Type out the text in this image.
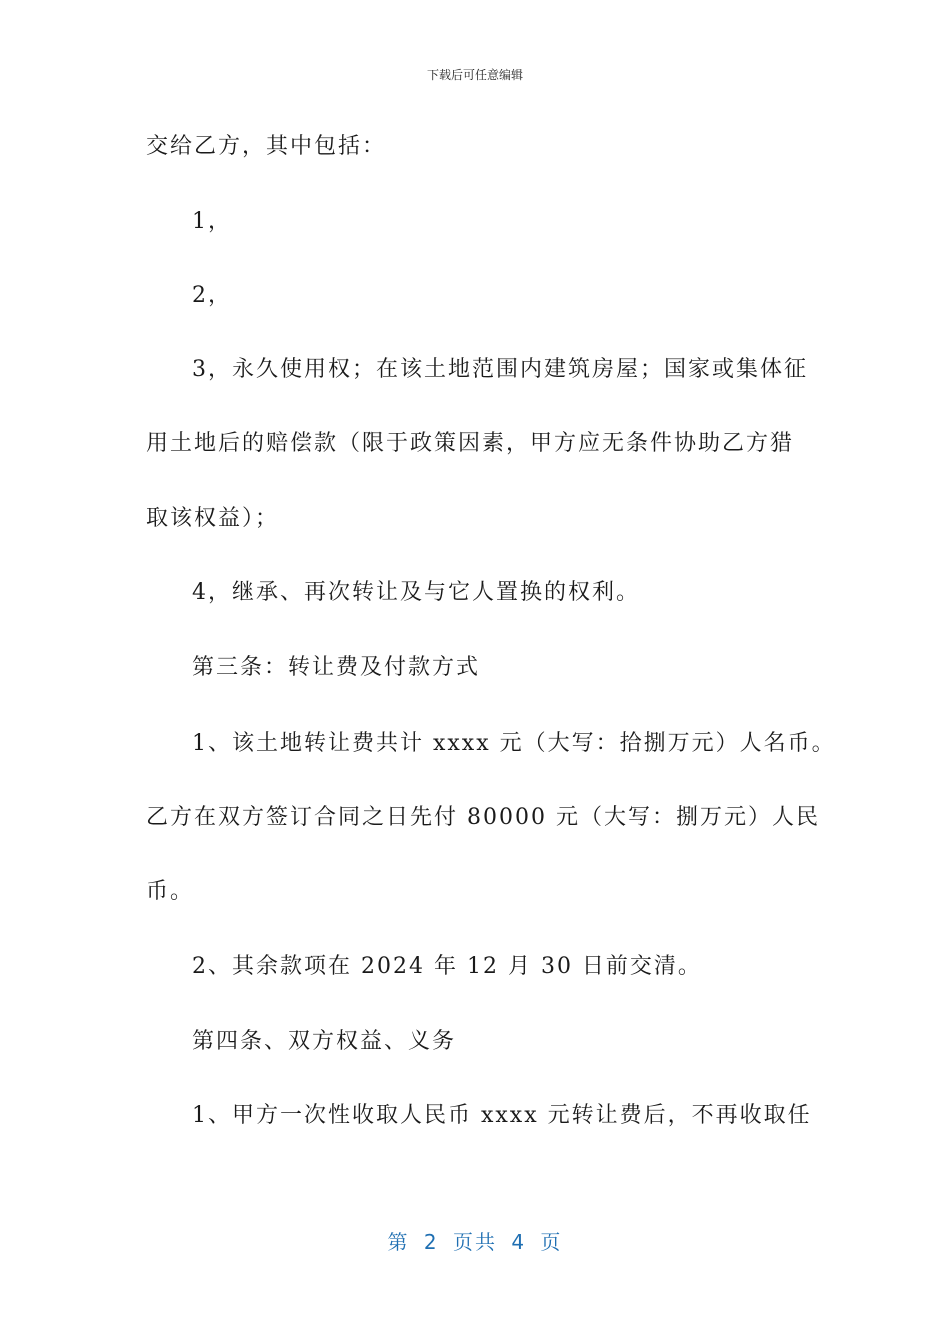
下载后可任意编辑
交给乙方，其中包括：
1，
2，
3，永久使用权；在该土地范围内建筑房屋；国家或集体征
用土地后的赔偿款（限于政策因素，甲方应无条件协助乙方猎
取该权益）；
4，继承、再次转让及与它人置换的权利。
第三条：转让费及付款方式
1、该土地转让费共计 xxxx 元（大写：拾捌万元）人名币。
乙方在双方签订合同之日先付 80000 元（大写：捌万元）人民
币。
2、其余款项在 2024 年 12 月 30 日前交清。
第四条、双方权益、义务
1、甲方一次性收取人民币 xxxx 元转让费后，不再收取任
第 2 页共 4 页
